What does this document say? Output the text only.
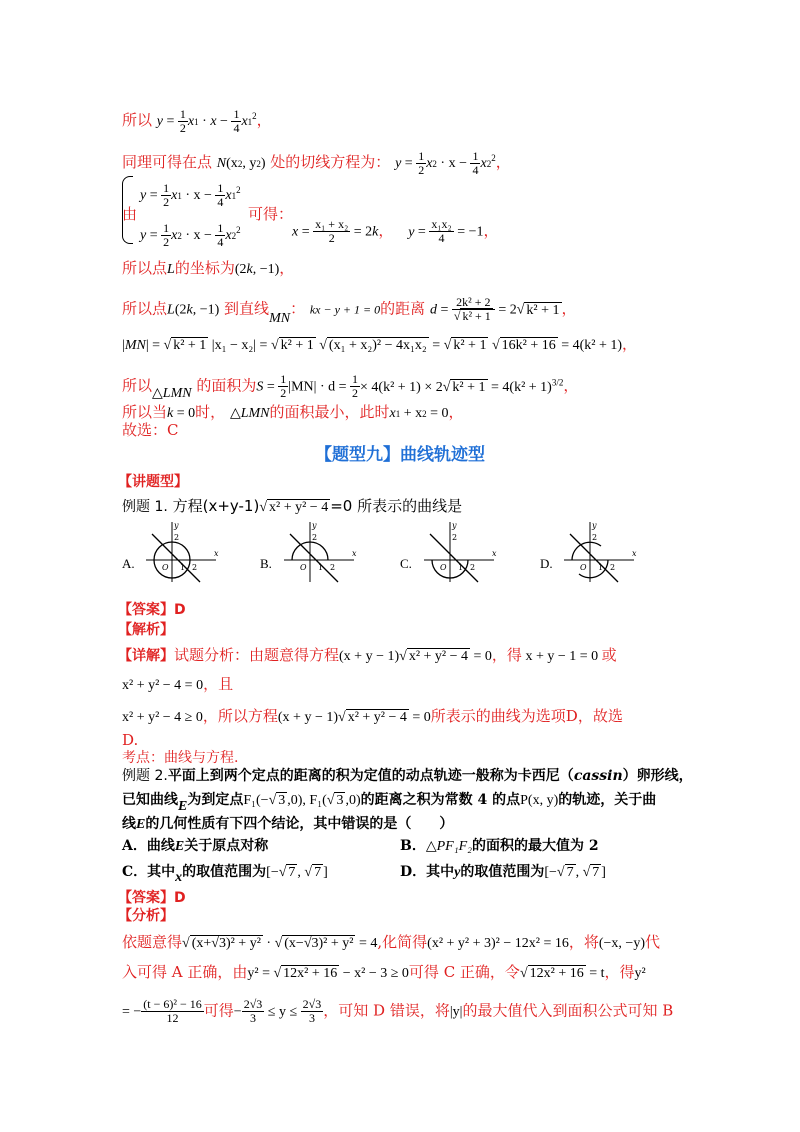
所以 $y = \frac{1}{2} x1 \cdot x - \frac{1}{4} x1^2$，
同理可得在点 N(x2, y2) 处的切线方程为： $y = \frac{1}{2} x2 \cdot x - \frac{1}{4} x2^2$，
$y = \frac{1}{2} x1 \cdot x - \frac{1}{4} x1^2$
$y = \frac{1}{2} x2 \cdot x - \frac{1}{4} x2^2$
由	可得：
$x = \frac{\text{x₁ + x₂}}{2} = 2k$， $y = \frac{\text{x₁x₂}}{4} = -1$，
所以点L的坐标为(2k, −1)，
所以点L(2k, −1) 到直线MN： kx − y + 1 = 0的距离 $d = \frac{\text{2k² + 2}}{\text{√ k² + 1}} = 2√$ k² + 1 ，
|MN| = √ k² + 1 |x₁ − x₂| = √ k² + 1 √ (x₁ + x₂)² − 4x₁x₂ = √ k² + 1 √ 16k² + 16 = 4(k² + 1)，
所以△LMN 的面积为$S = \frac{1}{2} |MN| \cdot d = \frac{1}{2} \times 4(k^2 + 1) \times 2√$ $k^2 + 1 = 4(k^2 + 1)^{3/2}$，
所以当k = 0时， △LMN的面积最小，此时x1 + x2 = 0，
故选：C
【题型九】曲线轨迹型
【讲题型】
例题 1. 方程(x+y-1)√ x² + y² − 4 =0 所表示的曲线是
A.
x
y
2
O 1 2	B.
x
y
2
O 1 2	C.
x
y
2
O 1 2	D.
x
y
2
O 1 2
【答案】D
【解析】
【详解】试题分析：由题意得方程(x + y − 1)√ x² + y² − 4 = 0，得 x + y − 1 = 0 或
x² + y² − 4 = 0，且
x² + y² − 4 ≥ 0，所以方程(x + y − 1)√ x² + y² − 4 = 0所表示的曲线为选项D，故选
D.
考点：曲线与方程.
例题 2.平面上到两个定点的距离的积为定值的动点轨迹一般称为卡西尼（cassin）卵形线，
已知曲线E为到定点F₁(−√ 3 ,0), F₁(√ 3 ,0)的距离之积为常数 4 的点P(x, y)的轨迹，关于曲
线E的几何性质有下四个结论，其中错误的是（　　）
A．曲线E关于原点对称	B．△PF₁F₂的面积的最大值为 2
C．其中x的取值范围为[−√ 7 , √ 7 ]	D．其中y的取值范围为[−√ 7 , √ 7 ]
【答案】D
【分析】
依题意得√ (x+√3)² + y² · √ (x−√3)² + y² = 4,化简得(x² + y² + 3)² − 12x² = 16，将(−x, −y)代
入可得 A 正确，由y² = √ 12x² + 16 − x² − 3 ≥ 0可得 C 正确，令√ 12x² + 16 = t，得y²
= − $\frac{\text{(t − 6)² − 16}}{12}$ 可得− $\frac{2√3}{3} \le y \le \frac{2√3}{3}$ ，可知 D 错误，将|y|的最大值代入到面积公式可知 B
